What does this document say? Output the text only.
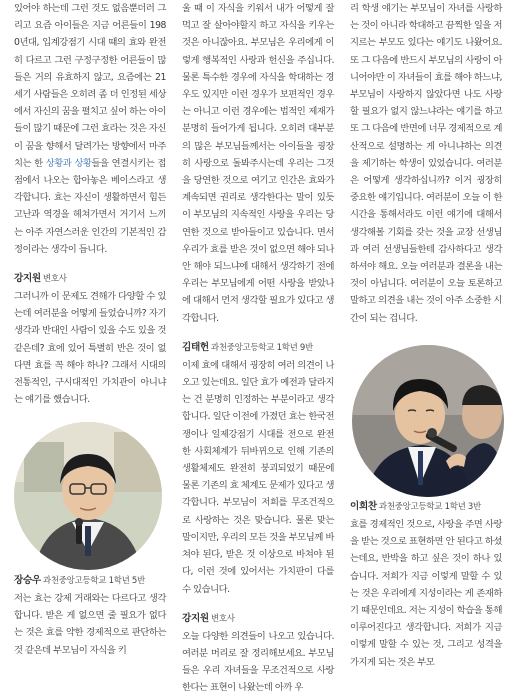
있어야 하는데 그런 것도 없음뿐더러 그리고 요즘 아이들은 지금 어른들이 1980년대, 입계강점기 시대 때의 효와 완전히 다르고 그런 구정구정한 어른들이 많들은 거의 유효하지 않고, 요즘에는 21세기 사람들은 오히려 좀 더 인정된 세상에서 자신의 꿈을 펼치고 싶어 하는 아이들이 많기 때문에 그런 효라는 것은 자신이 꿈을 향해서 달려가는 방향에서 마주치는 한 상황과 상황들을 연결시키는 접점에서 나오는 합아놓은 베이스라고 생각합니다. 효는 자신이 생활하면서 힘든 고난과 역경을 헤쳐가면서 거기서 느끼는 아주 자연스러운 인간의 기본적인 감정이라는 생각이 듭니다.

강지원 변호사

그러니까 이 문제도 견해가 다양할 수 있는데 여러분을 어떻게 들었습니까? 자기 생각과 반대인 사람이 있을 수도 있을 것 같은데? 효에 있어 특별히 반은 것이 없다면 효를 꼭 해야 하나? 그래서 시대의 전통적인, 구시대적인 가치관이 아니냐는 얘기를 했습니다.

장승우 과천중앙고등학교 1학년 5반

저는 효는 강제 거래와는 다르다고 생각합니다. 받은 게 없으면 줄 필요가 없다는 것은 효를 약한 경제적으로 판단하는 것 같은데 부모님이 자식을 키

울 때 이 자식을 키워서 내가 어떻게 잘 먹고 잘 살아야할지 하고 자식을 키우는 것은 아니잖아요. 부모님은 우리에게 이렇게 행복적인 사랑과 헌신을 주십니다. 물론 특수한 경우에 자식을 학대하는 경우도 있지만 이런 경우가 보편적인 경우는 아니고 이런 경우에는 법적인 제재가 분명히 들어가게 됩니다. 오히려 대부분의 많은 부모님들께서는 아이들을 굉장히 사랑으로 돌봐주시는데 우리는 그것을 당연한 것으로 여기고 인간은 효와가 계속되면 권리로 생각한다는 말이 있듯이 부모님의 지속적인 사랑을 우리는 당연한 것으로 받아들이고 있습니다. 면서 우리가 효를 받은 것이 없으면 해야 되나 안 해야 되느냐에 대해서 생각하기 전에 우리는 부모님에게 어떤 사랑을 받았나에 대해서 먼저 생각할 필요가 있다고 생각합니다.

김태헌 과천중앙고등학교 1학년 9반

이제 효에 대해서 굉장히 여러 의견이 나오고 있는데요. 일단 효가 예전과 달라지는 건 분명히 인정하는 부분이라고 생각합니다. 일단 이전에 가졌던 효는 한국전쟁이나 일제강점기 시대를 전으로 완전한 사회체계가 뒤바뀌으로 인해 기존의 생활체제도 완전히 붕괴되었기 때문에 물론 기존의 효 체계도 문제가 있다고 생각합니다. 부모님이 저희를 무조건적으로 사랑하는 것은 맞습니다. 물론 맞는 말이지만, 우리의 모든 것을 부모님께 바쳐야 된다, 받은 것 이상으로 바쳐야 된다, 이런 것에 있어서는 가치판이 다를 수 있습니다.

강지원 변호사

오늘 다양한 의견들이 나오고 있습니다. 여러분 머리로 잘 정리해보세요. 부모님들은 우리 자녀들을 무조건적으로 사랑한다는 표현이 나왔는데 아까 우

리 학생 얘기는 부모님이 자녀를 사랑하는 것이 아니라 학대하고 끔찍한 일을 저지르는 부모도 있다는 얘기도 나왔어요. 또 그 다음에 반드시 부모님의 사랑이 아니어야만 이 자녀들이 효를 해야 하느냐, 부모님이 사랑하지 않았다면 나도 사랑할 필요가 없지 않느냐라는 얘기를 하고 또 그 다음에 반면에 너무 경제적으로 계산적으로 설명하는 게 아니냐하는 의견을 제기하는 학생이 있었습니다. 여러분은 어떻게 생각하십니까? 이거 굉장히 중요한 얘기입니다. 여러분이 오늘 이 한 시간을 통해서라도 이런 얘기에 대해서 생각해볼 기회를 갖는 것을 교장 선생님과 여러 선생님들한테 감사하다고 생각하셔야 해요. 오늘 여러분과 결론을 내는 것이 아닙니다. 여러분이 오늘 토론하고 말하고 의견을 내는 것이 아주 소중한 시간이 되는 겁니다.

이희찬 과천중앙고등학교 1학년 3반

효를 경제적인 것으로, 사랑을 주면 사랑을 받는 것으로 표현하면 안 된다고 하셨는데요, 반박을 하고 싶은 것이 하나 있습니다. 저희가 지금 이렇게 말할 수 있는 것은 우리에게 지성이라는 게 존재하기 때문인데요. 저는 지성이 학습을 통해 이루어진다고 생각합니다. 저희가 지금 이렇게 말할 수 있는 것, 그리고 성격을 가지게 되는 것은 부모
